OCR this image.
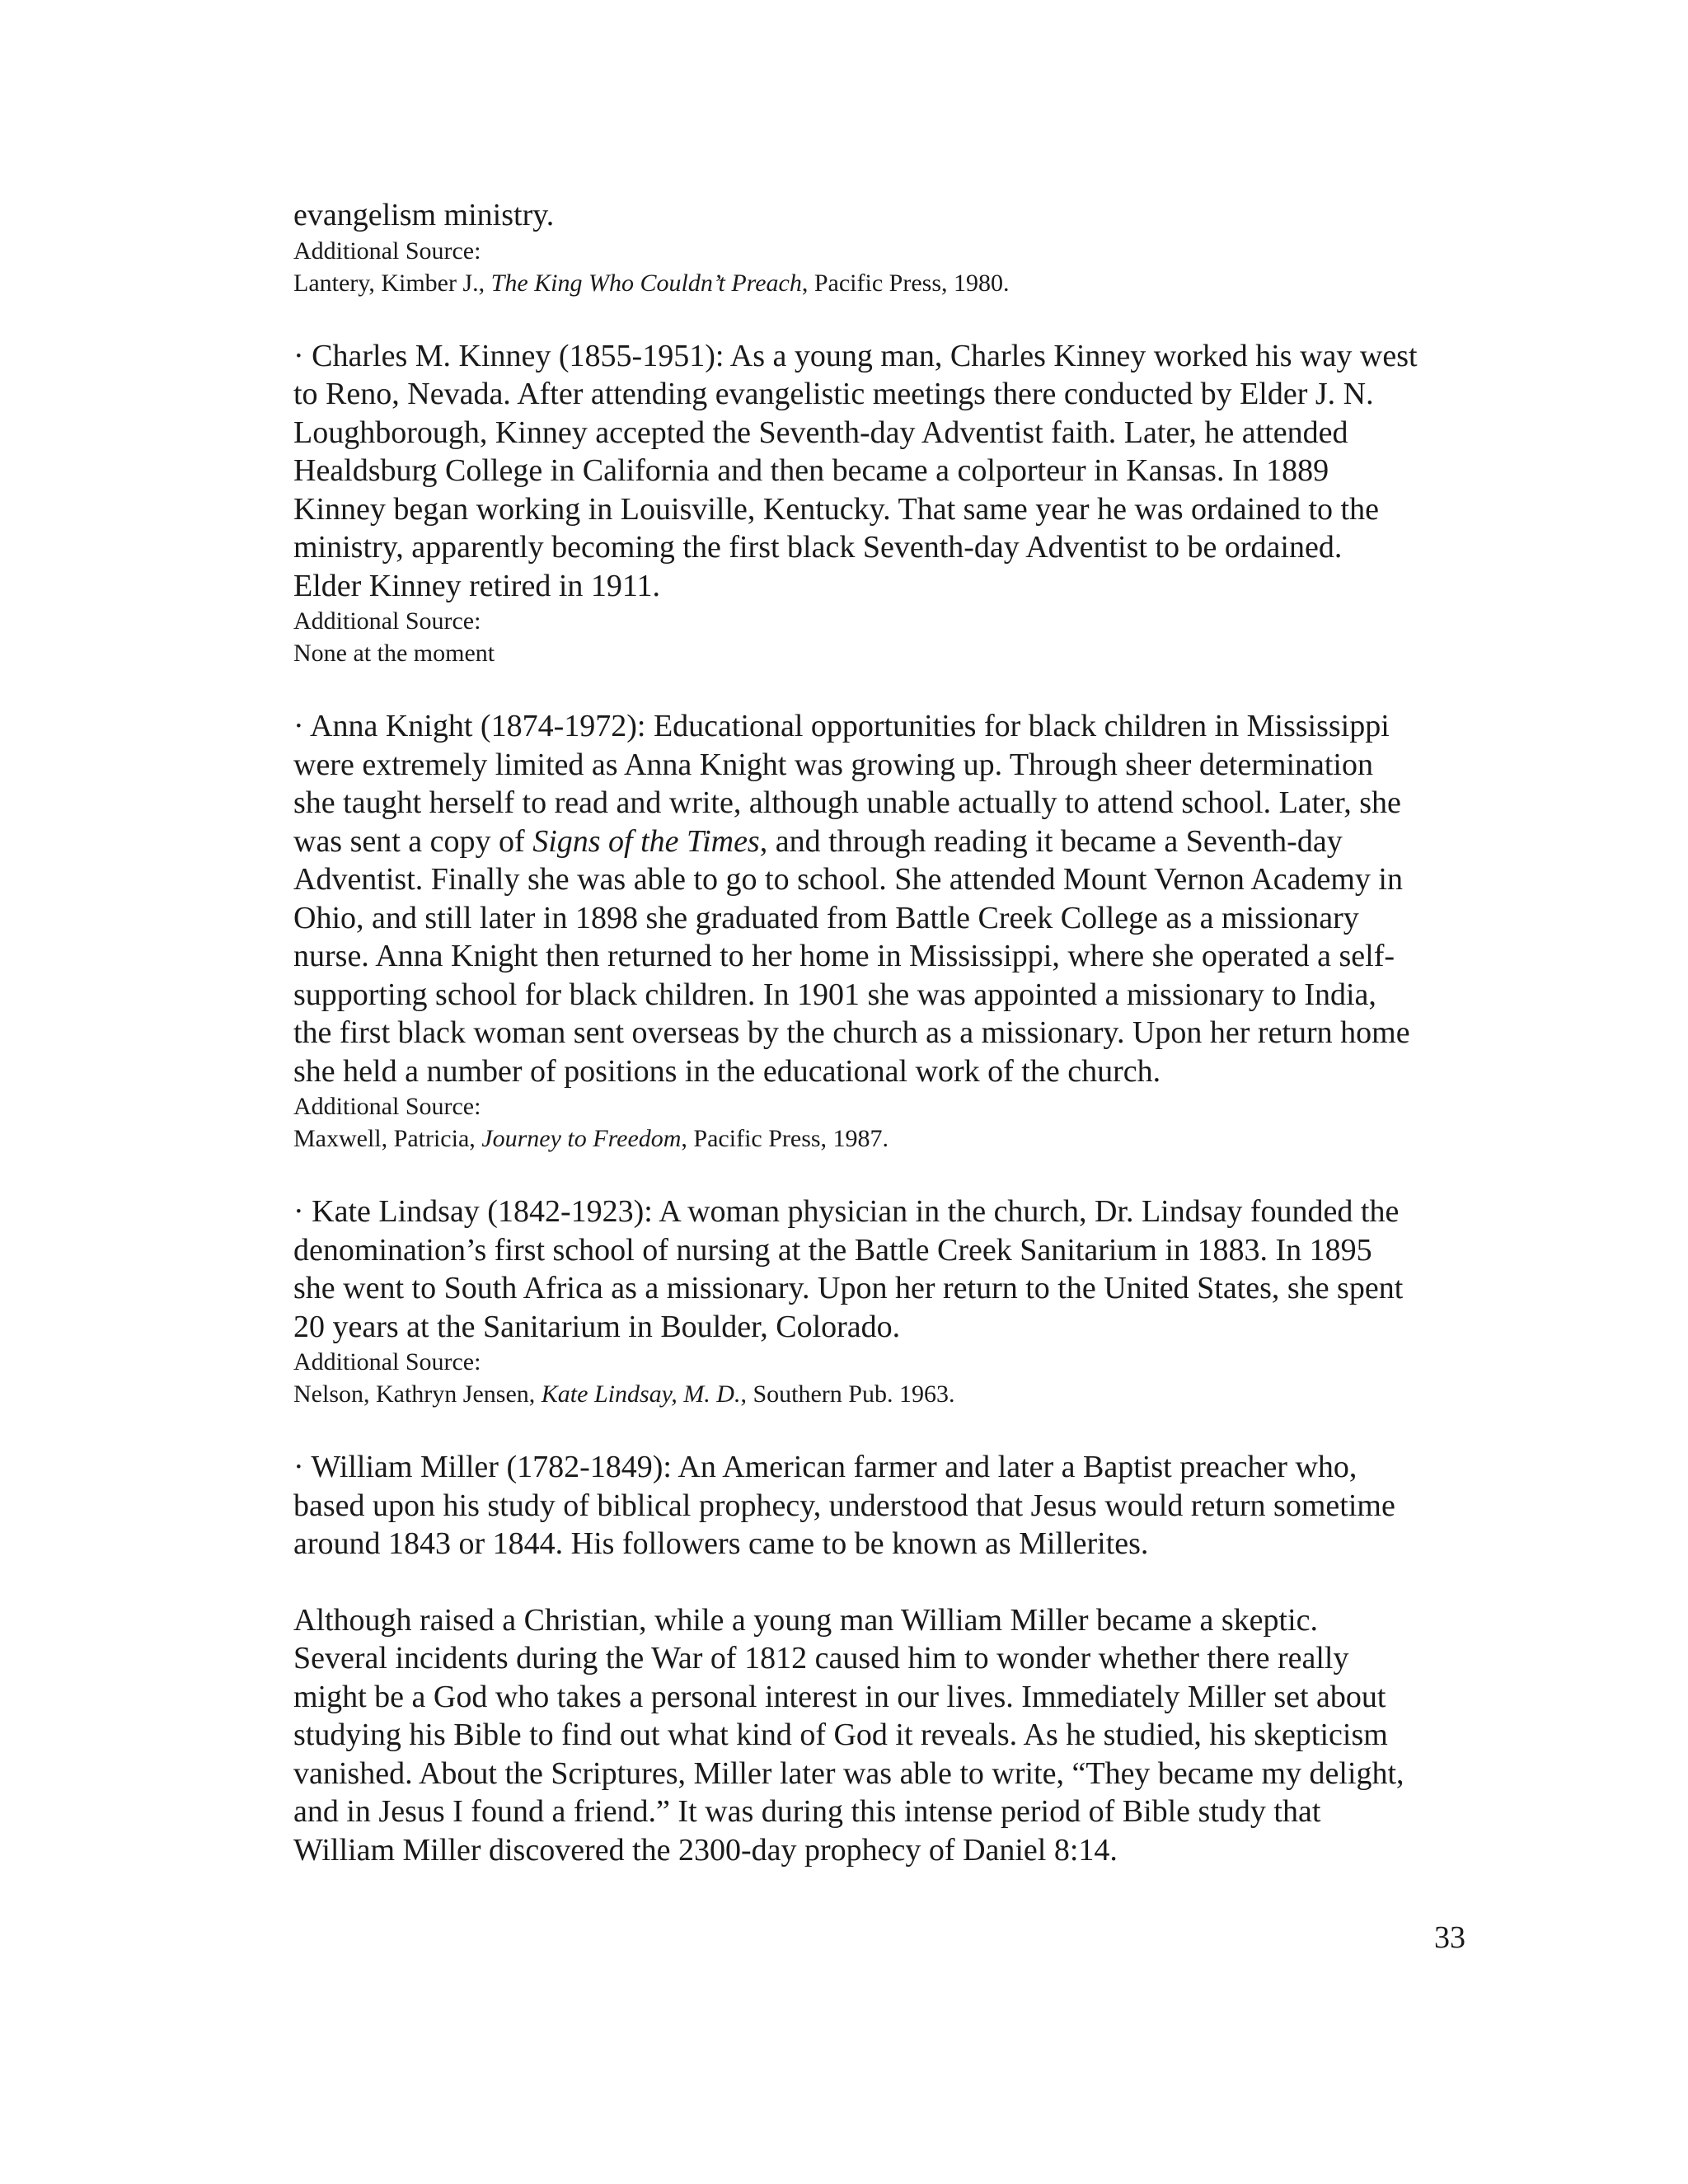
evangelism ministry.

Additional Source:

Lantery, Kimber J., The King Who Couldn’t Preach, Pacific Press, 1980.

· Charles M. Kinney (1855-1951): As a young man, Charles Kinney worked his way west

to Reno, Nevada. After attending evangelistic meetings there conducted by Elder J. N.

Loughborough, Kinney accepted the Seventh-day Adventist faith. Later, he attended

Healdsburg College in California and then became a colporteur in Kansas. In 1889

Kinney began working in Louisville, Kentucky. That same year he was ordained to the

ministry, apparently becoming the first black Seventh-day Adventist to be ordained.

Elder Kinney retired in 1911.

Additional Source:

None at the moment

· Anna Knight (1874-1972): Educational opportunities for black children in Mississippi

were extremely limited as Anna Knight was growing up. Through sheer determination

she taught herself to read and write, although unable actually to attend school. Later, she

was sent a copy of Signs of the Times, and through reading it became a Seventh-day

Adventist. Finally she was able to go to school. She attended Mount Vernon Academy in

Ohio, and still later in 1898 she graduated from Battle Creek College as a missionary

nurse. Anna Knight then returned to her home in Mississippi, where she operated a self-

supporting school for black children. In 1901 she was appointed a missionary to India,

the first black woman sent overseas by the church as a missionary. Upon her return home

she held a number of positions in the educational work of the church.

Additional Source:

Maxwell, Patricia, Journey to Freedom, Pacific Press, 1987.

· Kate Lindsay (1842-1923): A woman physician in the church, Dr. Lindsay founded the

denomination’s first school of nursing at the Battle Creek Sanitarium in 1883. In 1895

she went to South Africa as a missionary. Upon her return to the United States, she spent

20 years at the Sanitarium in Boulder, Colorado.

Additional Source:

Nelson, Kathryn Jensen, Kate Lindsay, M. D., Southern Pub. 1963.

· William Miller (1782-1849): An American farmer and later a Baptist preacher who,

based upon his study of biblical prophecy, understood that Jesus would return sometime

around 1843 or 1844. His followers came to be known as Millerites.

Although raised a Christian, while a young man William Miller became a skeptic.

Several incidents during the War of 1812 caused him to wonder whether there really

might be a God who takes a personal interest in our lives. Immediately Miller set about

studying his Bible to find out what kind of God it reveals. As he studied, his skepticism

vanished. About the Scriptures, Miller later was able to write, “They became my delight,

and in Jesus I found a friend.” It was during this intense period of Bible study that

William Miller discovered the 2300-day prophecy of Daniel 8:14.

33
